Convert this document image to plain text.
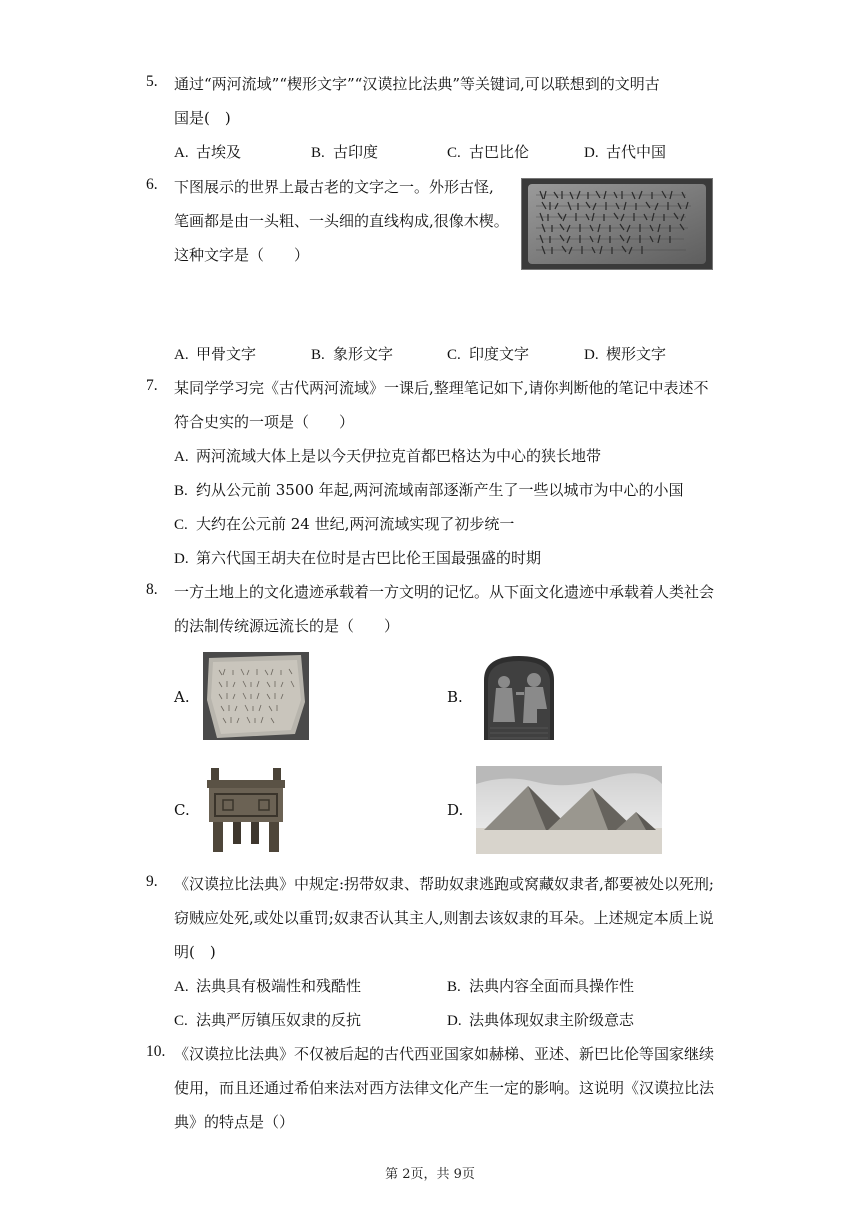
5. 通过“两河流域”“楔形文字”“汉谟拉比法典”等关键词,可以联想到的文明古
国是(　)
A. 古埃及	B. 古印度	C. 古巴比伦	D. 古代中国
6. 下图展示的世界上最古老的文字之一。外形古怪,
笔画都是由一头粗、一头细的直线构成,很像木楔。
这种文字是（　　）
A. 甲骨文字	B. 象形文字	C. 印度文字	D. 楔形文字
7. 某同学学习完《古代两河流域》一课后,整理笔记如下,请你判断他的笔记中表述不
符合史实的一项是（　　）
A. 两河流域大体上是以今天伊拉克首都巴格达为中心的狭长地带
B. 约从公元前 3500 年起,两河流域南部逐渐产生了一些以城市为中心的小国
C. 大约在公元前 24 世纪,两河流域实现了初步统一
D. 第六代国王胡夫在位时是古巴比伦王国最强盛的时期
8. 一方土地上的文化遗迹承载着一方文明的记忆。从下面文化遗迹中承载着人类社会
的法制传统源远流长的是（　　）
A.	B.
C.	D.
9. 《汉谟拉比法典》中规定:拐带奴隶、帮助奴隶逃跑或窝藏奴隶者,都要被处以死刑;
窃贼应处死,或处以重罚;奴隶否认其主人,则割去该奴隶的耳朵。上述规定本质上说
明(　)
A. 法典具有极端性和残酷性	B. 法典内容全面而具操作性
C. 法典严厉镇压奴隶的反抗	D. 法典体现奴隶主阶级意志
10. 《汉谟拉比法典》不仅被后起的古代西亚国家如赫梯、亚述、新巴比伦等国家继续
使用，而且还通过希伯来法对西方法律文化产生一定的影响。这说明《汉谟拉比法
典》的特点是（）
第 2页，共 9页
